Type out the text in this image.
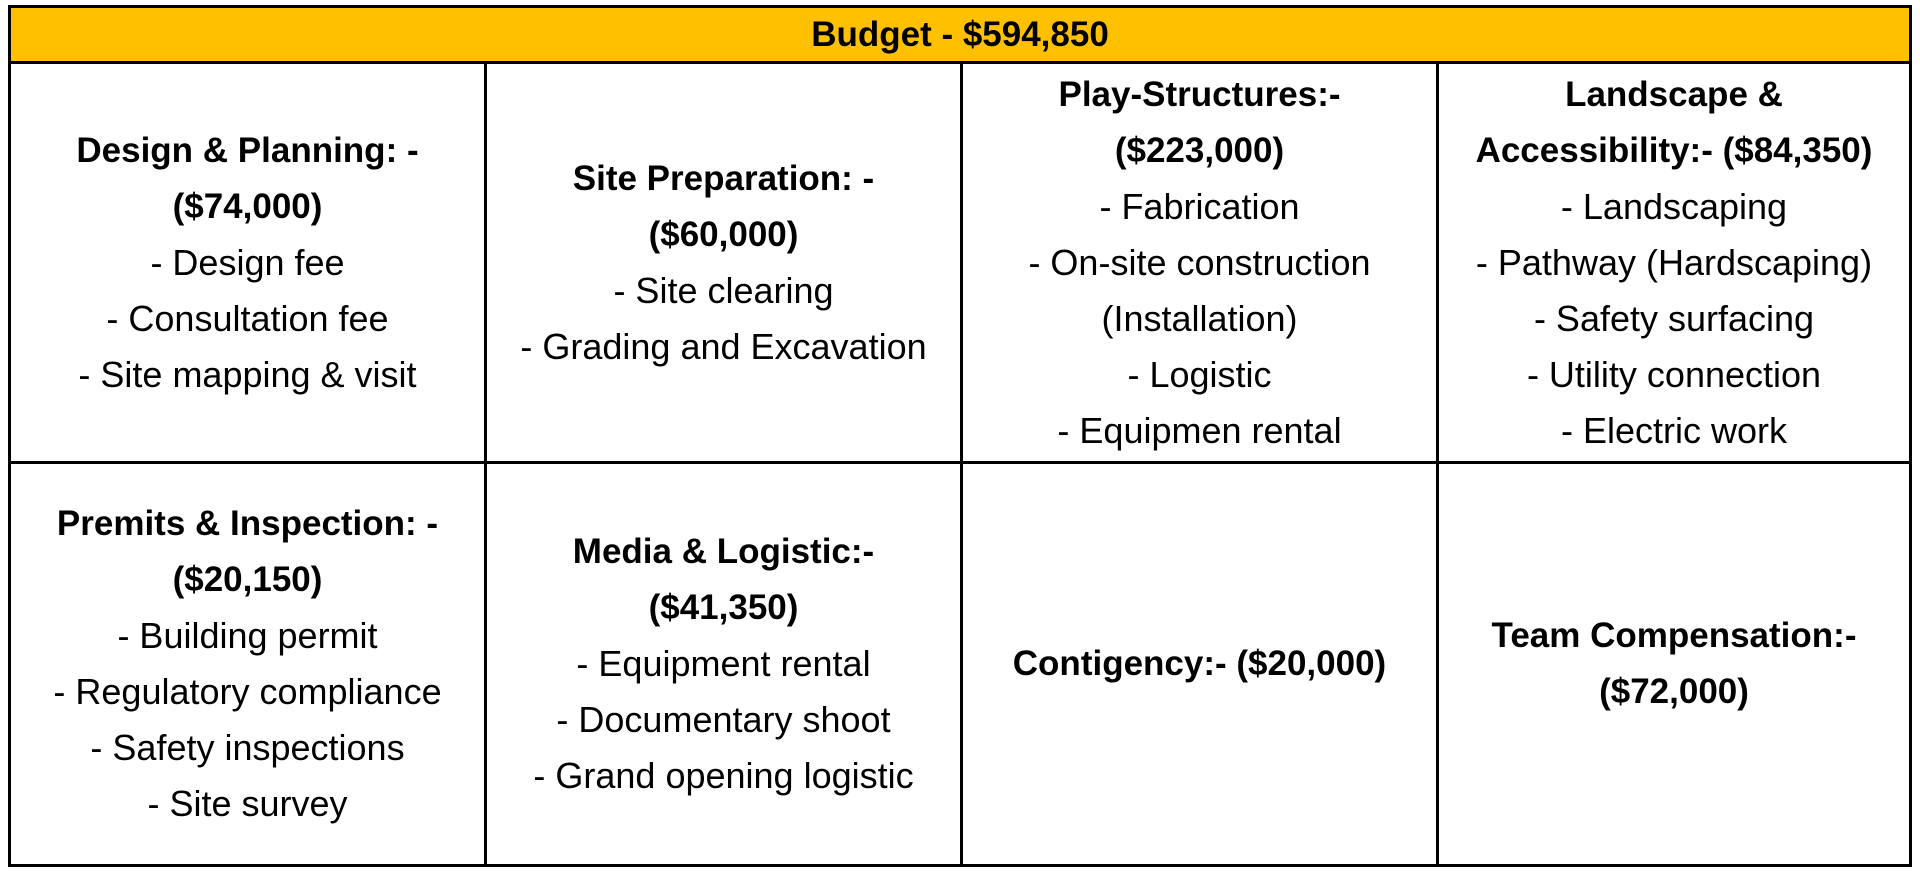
Budget - $594,850
Design & Planning: - ($74,000)
- Design fee
- Consultation fee
- Site mapping & visit
Site Preparation: - ($60,000)
- Site clearing
- Grading and Excavation
Play-Structures:- ($223,000)
- Fabrication
- On-site construction (Installation)
- Logistic
- Equipmen rental
Landscape & Accessibility:- ($84,350)
- Landscaping
- Pathway (Hardscaping)
- Safety surfacing
- Utility connection
- Electric work
Premits & Inspection: - ($20,150)
- Building permit
- Regulatory compliance
- Safety inspections
- Site survey
Media & Logistic:- ($41,350)
- Equipment rental
- Documentary shoot
- Grand opening logistic
Contigency:- ($20,000)
Team Compensation:- ($72,000)
